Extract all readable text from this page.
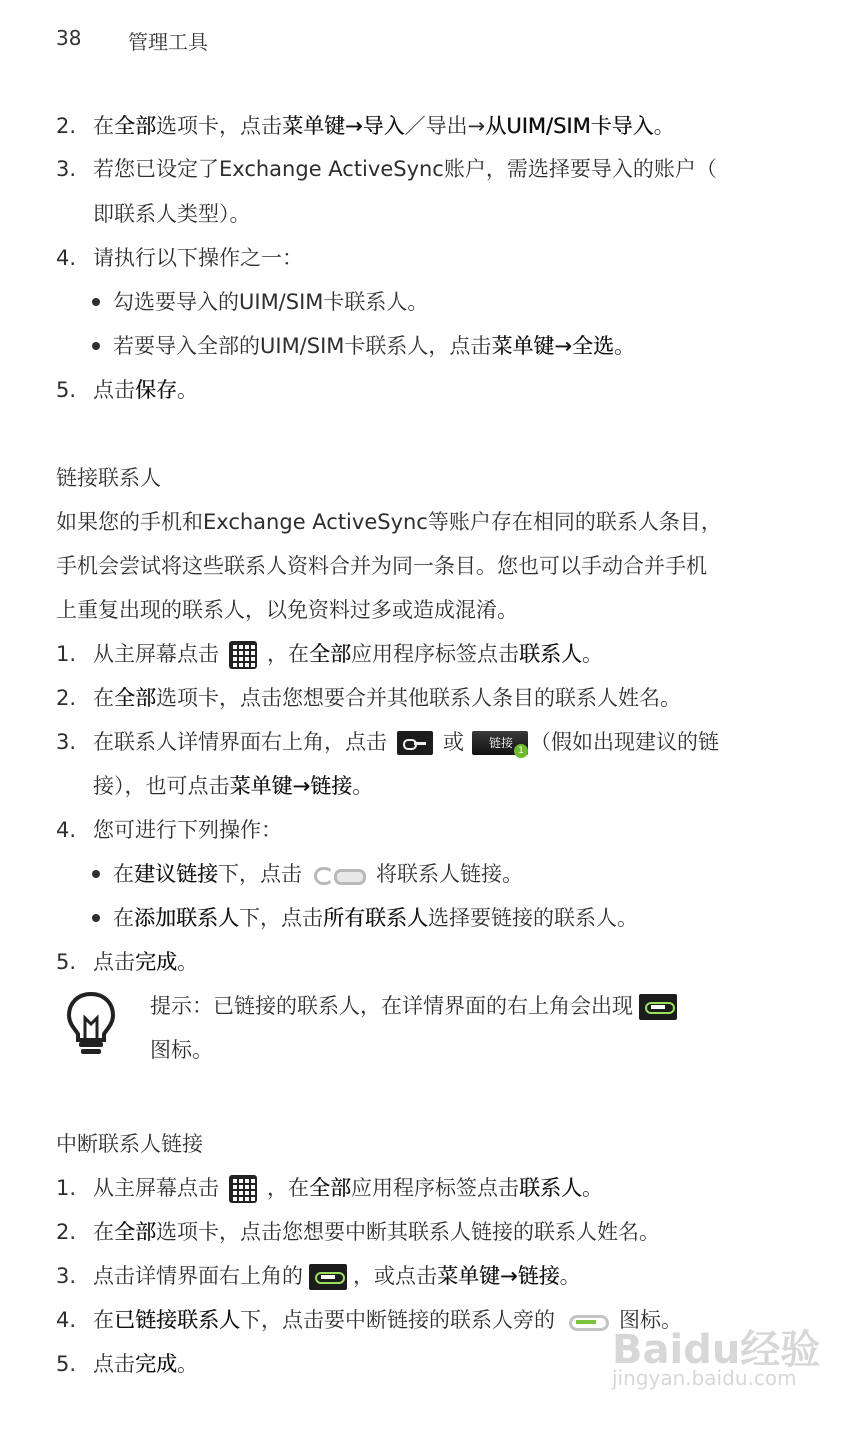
38 管理工具
2. 在全部选项卡，点击菜单键→导入／导出→从UIM/SIM卡导入。
3. 若您已设定了Exchange ActiveSync账户，需选择要导入的账户（
即联系人类型）。
4. 请执行以下操作之一：
勾选要导入的UIM/SIM卡联系人。
若要导入全部的UIM/SIM卡联系人，点击菜单键→全选。
5. 点击保存。
链接联系人
如果您的手机和Exchange ActiveSync等账户存在相同的联系人条目，
手机会尝试将这些联系人资料合并为同一条目。您也可以手动合并手机
上重复出现的联系人，以免资料过多或造成混淆。
1. 从主屏幕点击 ，在全部应用程序标签点击联系人。
2. 在全部选项卡，点击您想要合并其他联系人条目的联系人姓名。
3. 在联系人详情界面右上角，点击	或 链接
1 （假如出现建议的链
接），也可点击菜单键→链接。
4. 您可进行下列操作：
在建议链接下，点击	将联系人链接。
在添加联系人下，点击所有联系人选择要链接的联系人。
5. 点击完成。
提示：已链接的联系人，在详情界面的右上角会出现
图标。
中断联系人链接
1. 从主屏幕点击 ，在全部应用程序标签点击联系人。
2. 在全部选项卡，点击您想要中断其联系人链接的联系人姓名。
3. 点击详情界面右上角的 ，或点击菜单键→链接。
4. 在已链接联系人下，点击要中断链接的联系人旁的	图标。
5. 点击完成。	Baidu经验
jingyan.baidu.com
